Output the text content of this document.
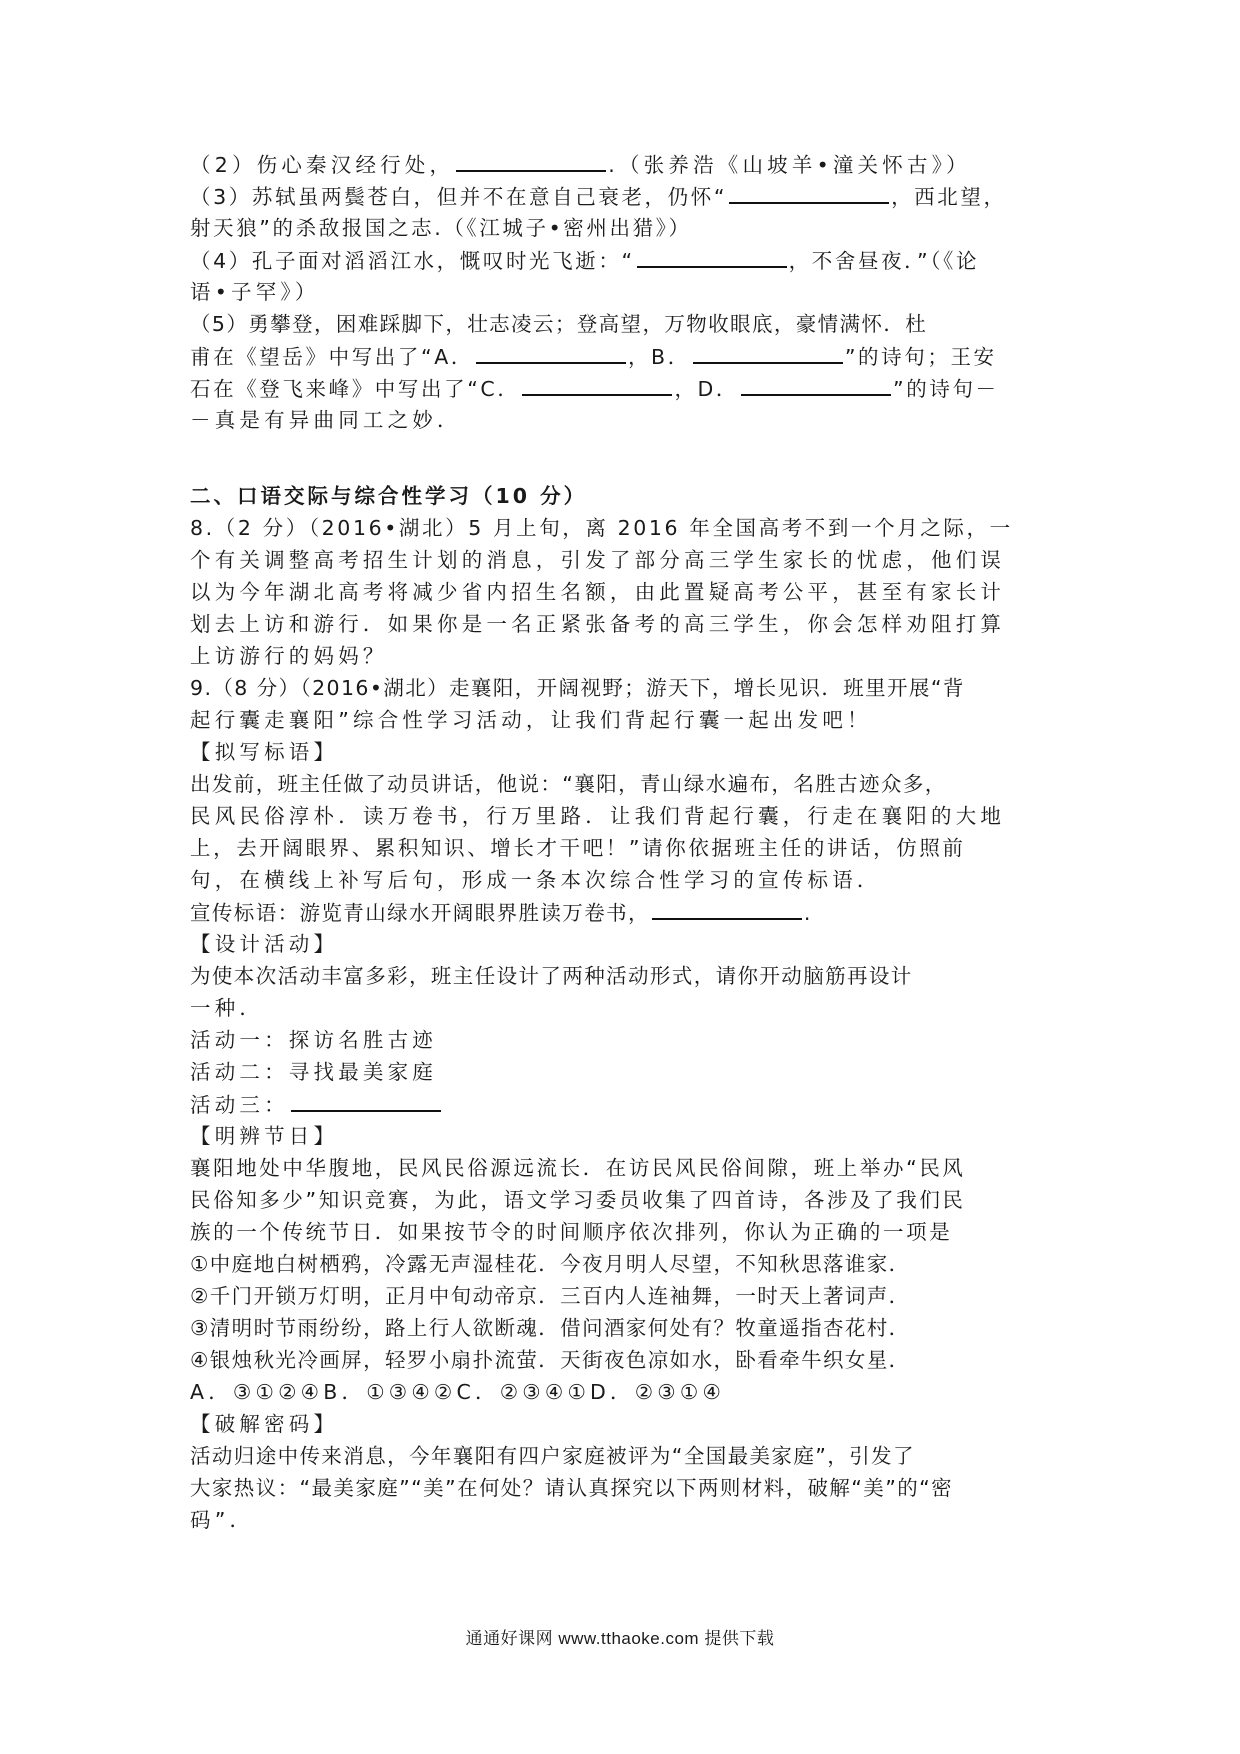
（2）伤心秦汉经行处，	.（张养浩《山坡羊•潼关怀古》）
（3）苏轼虽两鬓苍白，但并不在意自己衰老，仍怀“	，西北望，
射天狼”的杀敌报国之志.（《江城子•密州出猎》）
（4）孔子面对滔滔江水，慨叹时光飞逝：“	，不舍昼夜．”（《论
语•子罕》）
（5）勇攀登，困难踩脚下，壮志凌云；登高望，万物收眼底，豪情满怀．杜
甫在《望岳》中写出了“A．	，B．	”的诗句；王安
石在《登飞来峰》中写出了“C．	，D．	”的诗句－
－真是有异曲同工之妙．
二、口语交际与综合性学习（10 分）
8.（2 分）（2016•湖北）5 月上旬，离 2016 年全国高考不到一个月之际，一
个有关调整高考招生计划的消息，引发了部分高三学生家长的忧虑，他们误
以为今年湖北高考将减少省内招生名额，由此置疑高考公平，甚至有家长计
划去上访和游行．如果你是一名正紧张备考的高三学生，你会怎样劝阻打算
上访游行的妈妈？
9.（8 分）（2016•湖北）走襄阳，开阔视野；游天下，增长见识．班里开展“背
起行囊走襄阳”综合性学习活动，让我们背起行囊一起出发吧！
【拟写标语】
出发前，班主任做了动员讲话，他说：“襄阳，青山绿水遍布，名胜古迹众多，
民风民俗淳朴．读万卷书，行万里路．让我们背起行囊，行走在襄阳的大地
上，去开阔眼界、累积知识、增长才干吧！”请你依据班主任的讲话，仿照前
句，在横线上补写后句，形成一条本次综合性学习的宣传标语．
宣传标语：游览青山绿水开阔眼界胜读万卷书，	.
【设计活动】
为使本次活动丰富多彩，班主任设计了两种活动形式，请你开动脑筋再设计
一种．
活动一：探访名胜古迹
活动二：寻找最美家庭
活动三：
【明辨节日】
襄阳地处中华腹地，民风民俗源远流长．在访民风民俗间隙，班上举办“民风
民俗知多少”知识竞赛，为此，语文学习委员收集了四首诗，各涉及了我们民
族的一个传统节日．如果按节令的时间顺序依次排列，你认为正确的一项是
①中庭地白树栖鸦，冷露无声湿桂花．今夜月明人尽望，不知秋思落谁家．
②千门开锁万灯明，正月中旬动帝京．三百内人连袖舞，一时天上著词声．
③清明时节雨纷纷，路上行人欲断魂．借问酒家何处有？牧童遥指杏花村．
④银烛秋光冷画屏，轻罗小扇扑流萤．天街夜色凉如水，卧看牵牛织女星．
A．③①②④B．①③④②C．②③④①D．②③①④
【破解密码】
活动归途中传来消息，今年襄阳有四户家庭被评为“全国最美家庭”，引发了
大家热议：“最美家庭”“美”在何处？请认真探究以下两则材料，破解“美”的“密
码”．
通通好课网 www.tthaoke.com 提供下载
